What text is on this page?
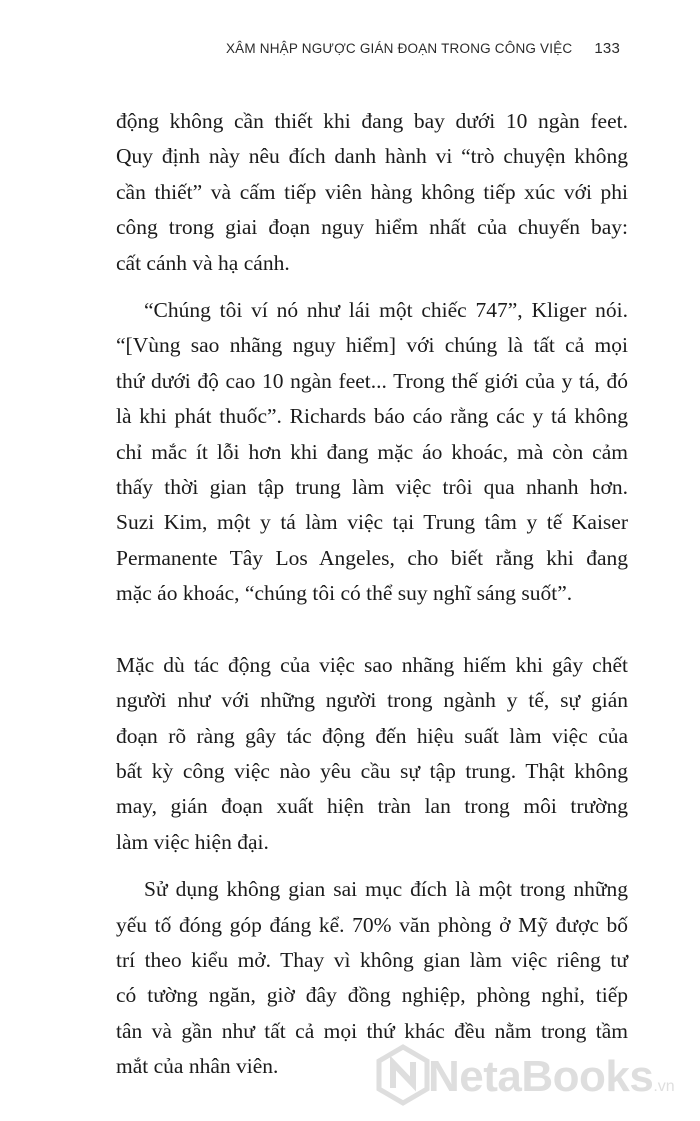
XÂM NHẬP NGƯỢC GIÁN ĐOẠN TRONG CÔNG VIỆC 133

động không cần thiết khi đang bay dưới 10 ngàn feet.
Quy định này nêu đích danh hành vi “trò chuyện không
cần thiết” và cấm tiếp viên hàng không tiếp xúc với phi
công trong giai đoạn nguy hiểm nhất của chuyến bay:
cất cánh và hạ cánh.

“Chúng tôi ví nó như lái một chiếc 747”, Kliger nói.
“[Vùng sao nhãng nguy hiểm] với chúng là tất cả mọi
thứ dưới độ cao 10 ngàn feet... Trong thế giới của y tá, đó
là khi phát thuốc”. Richards báo cáo rằng các y tá không
chỉ mắc ít lỗi hơn khi đang mặc áo khoác, mà còn cảm
thấy thời gian tập trung làm việc trôi qua nhanh hơn.
Suzi Kim, một y tá làm việc tại Trung tâm y tế Kaiser
Permanente Tây Los Angeles, cho biết rằng khi đang
mặc áo khoác, “chúng tôi có thể suy nghĩ sáng suốt”.

Mặc dù tác động của việc sao nhãng hiếm khi gây chết
người như với những người trong ngành y tế, sự gián
đoạn rõ ràng gây tác động đến hiệu suất làm việc của
bất kỳ công việc nào yêu cầu sự tập trung. Thật không
may, gián đoạn xuất hiện tràn lan trong môi trường
làm việc hiện đại.

Sử dụng không gian sai mục đích là một trong những
yếu tố đóng góp đáng kể. 70% văn phòng ở Mỹ được bố
trí theo kiểu mở. Thay vì không gian làm việc riêng tư
có tường ngăn, giờ đây đồng nghiệp, phòng nghỉ, tiếp
tân và gần như tất cả mọi thứ khác đều nằm trong tầm
mắt của nhân viên.	NetaBooks.vn
